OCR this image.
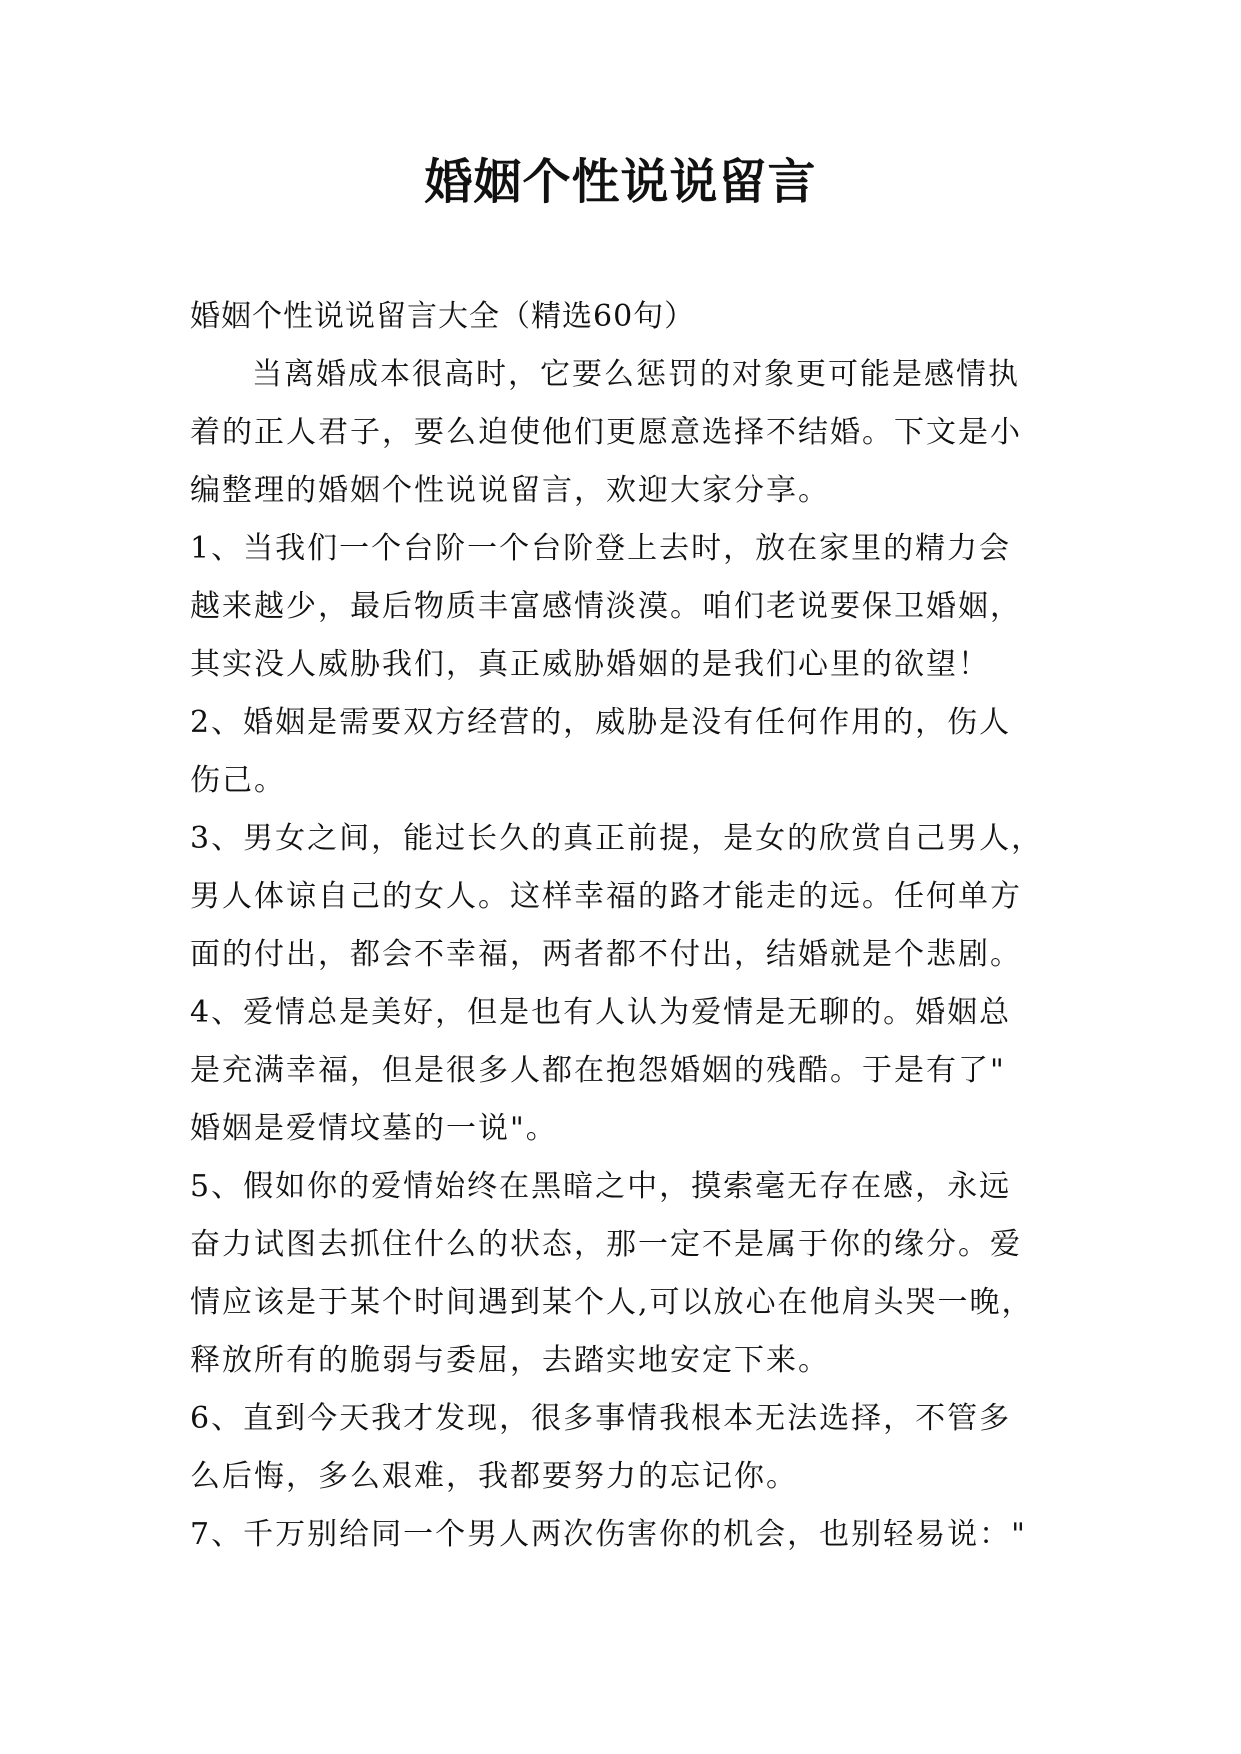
婚姻个性说说留言

婚姻个性说说留言大全（精选60句）

当离婚成本很高时，它要么惩罚的对象更可能是感情执
着的正人君子，要么迫使他们更愿意选择不结婚。下文是小
编整理的婚姻个性说说留言，欢迎大家分享。
1、当我们一个台阶一个台阶登上去时，放在家里的精力会
越来越少，最后物质丰富感情淡漠。咱们老说要保卫婚姻，
其实没人威胁我们，真正威胁婚姻的是我们心里的欲望！
2、婚姻是需要双方经营的，威胁是没有任何作用的，伤人
伤己。
3、男女之间，能过长久的真正前提，是女的欣赏自己男人，
男人体谅自己的女人。这样幸福的路才能走的远。任何单方
面的付出，都会不幸福，两者都不付出，结婚就是个悲剧。
4、爱情总是美好，但是也有人认为爱情是无聊的。婚姻总
是充满幸福，但是很多人都在抱怨婚姻的残酷。于是有了"
婚姻是爱情坟墓的一说"。
5、假如你的爱情始终在黑暗之中，摸索毫无存在感，永远
奋力试图去抓住什么的状态，那一定不是属于你的缘分。爱
情应该是于某个时间遇到某个人,可以放心在他肩头哭一晚，
释放所有的脆弱与委屈，去踏实地安定下来。
6、直到今天我才发现，很多事情我根本无法选择，不管多
么后悔，多么艰难，我都要努力的忘记你。
7、千万别给同一个男人两次伤害你的机会，也别轻易说："
